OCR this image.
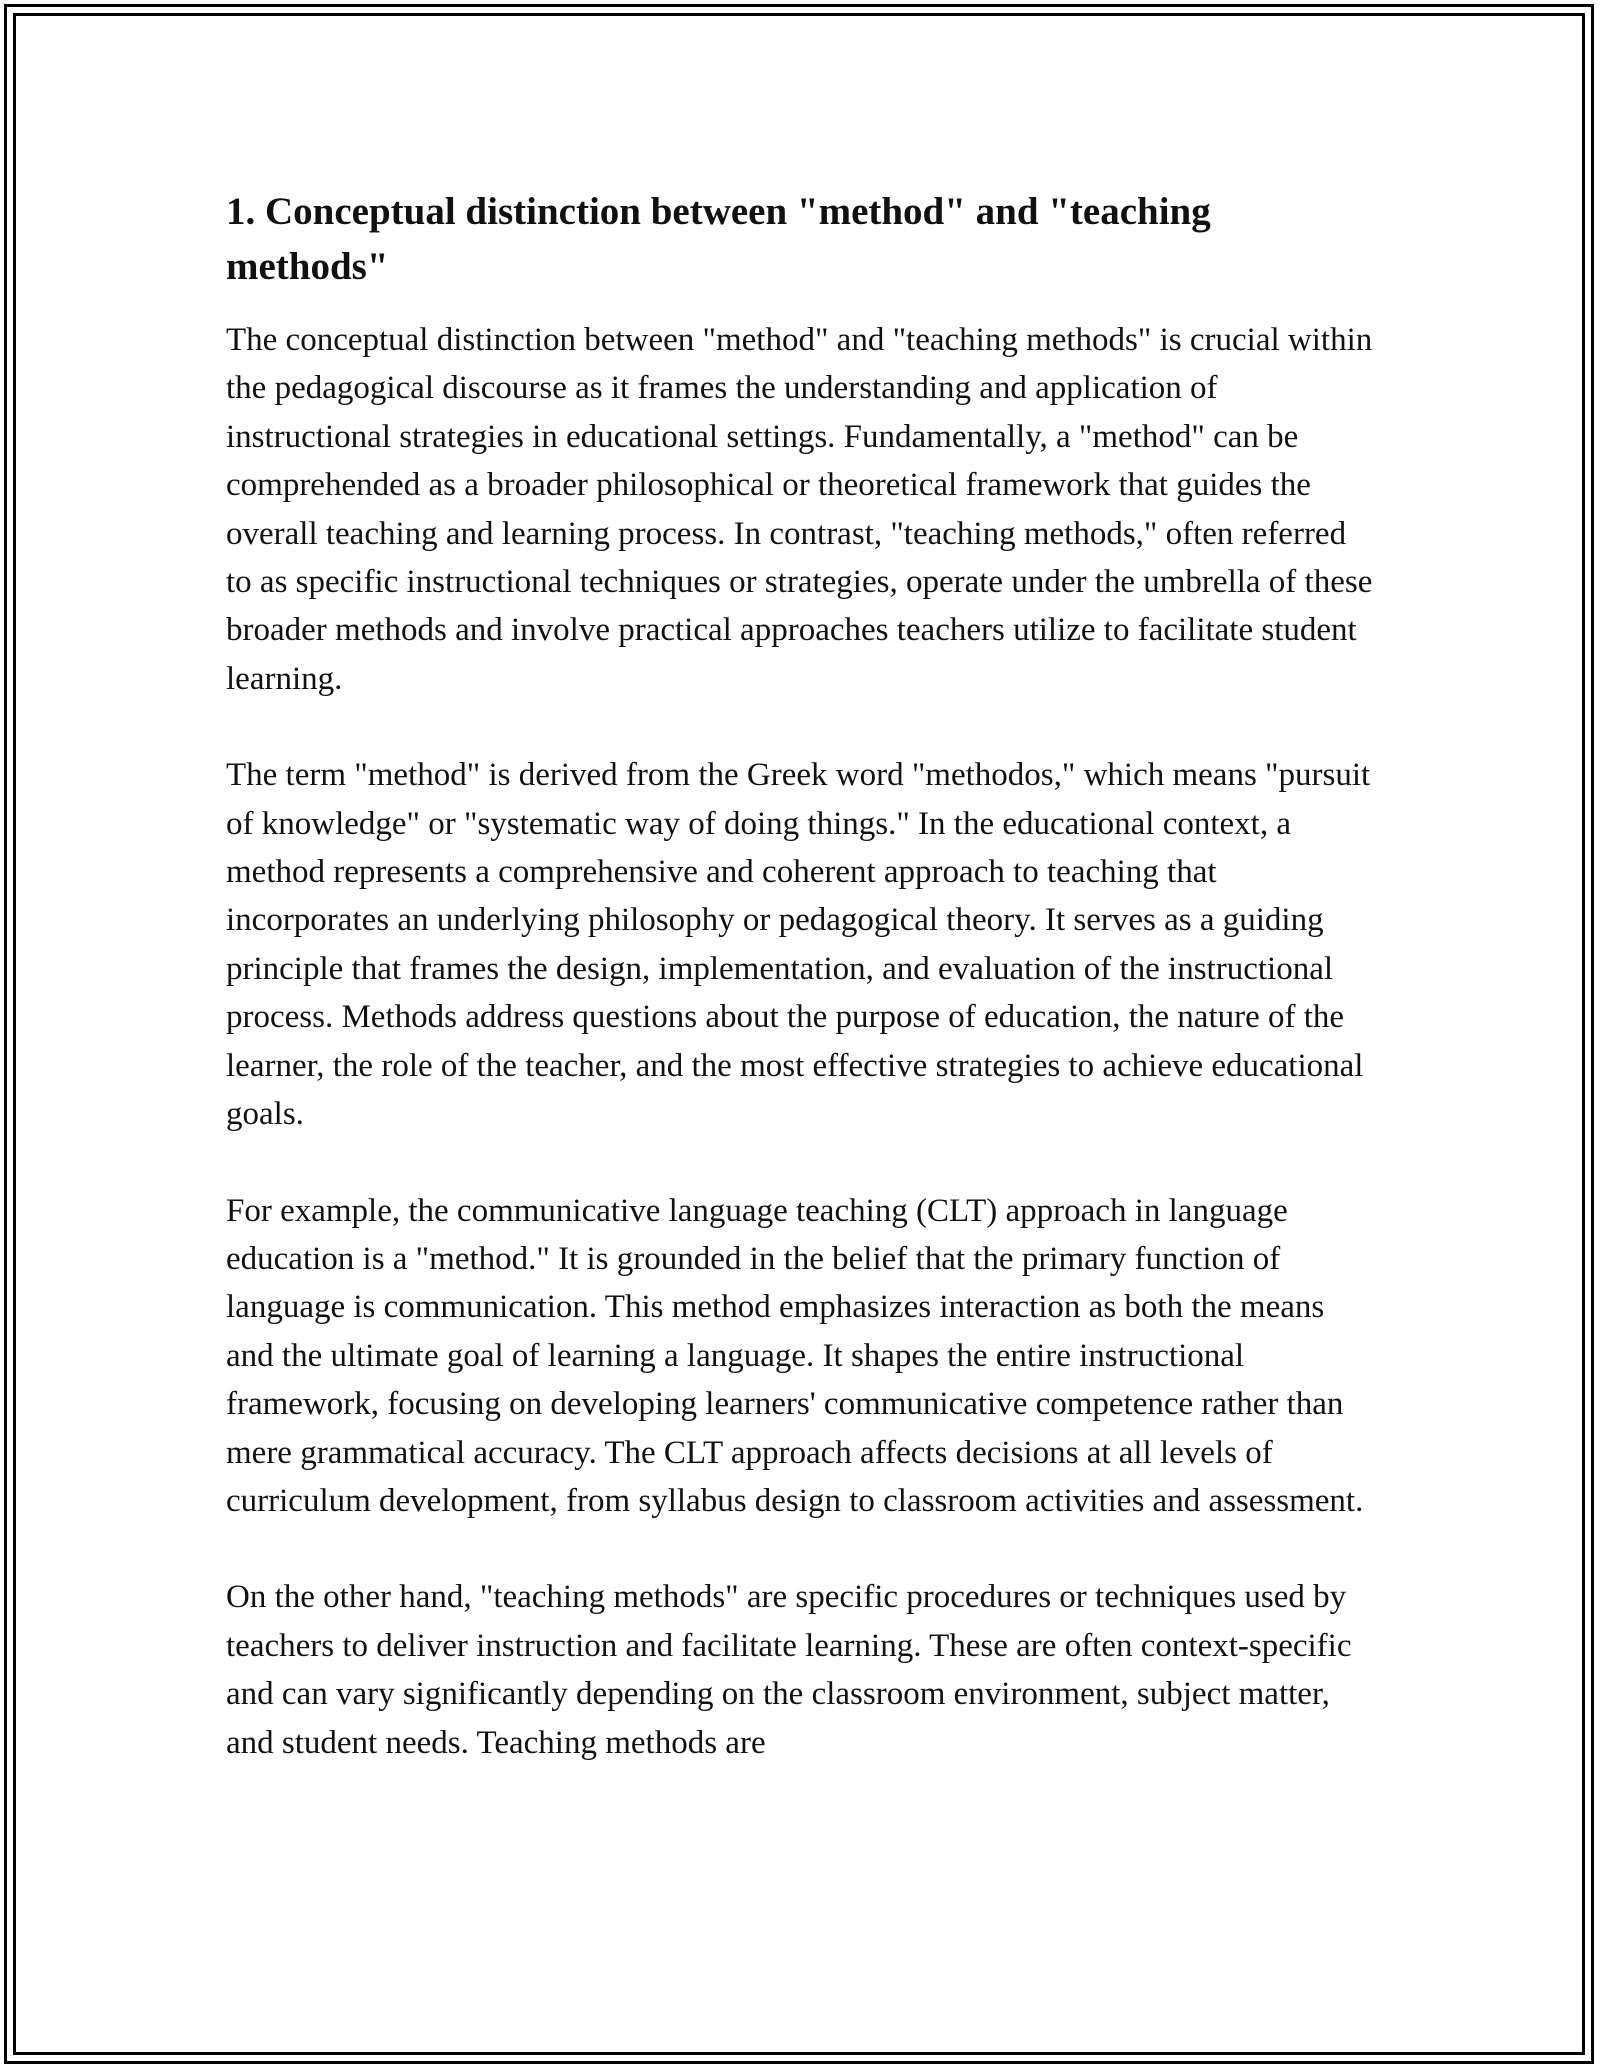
1. Conceptual distinction between "method" and "teaching methods"

The conceptual distinction between "method" and "teaching methods" is crucial within the pedagogical discourse as it frames the understanding and application of instructional strategies in educational settings. Fundamentally, a "method" can be comprehended as a broader philosophical or theoretical framework that guides the overall teaching and learning process. In contrast, "teaching methods," often referred to as specific instructional techniques or strategies, operate under the umbrella of these broader methods and involve practical approaches teachers utilize to facilitate student learning.

The term "method" is derived from the Greek word "methodos," which means "pursuit of knowledge" or "systematic way of doing things." In the educational context, a method represents a comprehensive and coherent approach to teaching that incorporates an underlying philosophy or pedagogical theory. It serves as a guiding principle that frames the design, implementation, and evaluation of the instructional process. Methods address questions about the purpose of education, the nature of the learner, the role of the teacher, and the most effective strategies to achieve educational goals.

For example, the communicative language teaching (CLT) approach in language education is a "method." It is grounded in the belief that the primary function of language is communication. This method emphasizes interaction as both the means and the ultimate goal of learning a language. It shapes the entire instructional framework, focusing on developing learners' communicative competence rather than mere grammatical accuracy. The CLT approach affects decisions at all levels of curriculum development, from syllabus design to classroom activities and assessment.

On the other hand, "teaching methods" are specific procedures or techniques used by teachers to deliver instruction and facilitate learning. These are often context-specific and can vary significantly depending on the classroom environment, subject matter, and student needs. Teaching methods are
